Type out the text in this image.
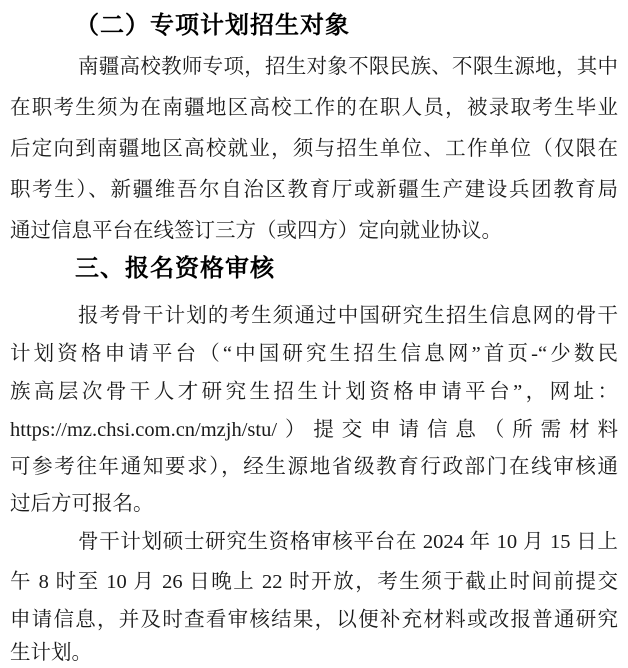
（二）专项计划招生对象
南疆高校教师专项，招生对象不限民族、不限生源地，其中
在职考生须为在南疆地区高校工作的在职人员，被录取考生毕业
后定向到南疆地区高校就业，须与招生单位、工作单位（仅限在
职考生）、新疆维吾尔自治区教育厅或新疆生产建设兵团教育局
通过信息平台在线签订三方（或四方）定向就业协议。
三、报名资格审核
报考骨干计划的考生须通过中国研究生招生信息网的骨干
计划资格申请平台（“中国研究生招生信息网”首页-“少数民
族高层次骨干人才研究生招生计划资格申请平台”，网址：
https://mz.chsi.com.cn/mzjh/stu/）提交申请信息（所需材料
可参考往年通知要求），经生源地省级教育行政部门在线审核通
过后方可报名。
骨干计划硕士研究生资格审核平台在 2024 年 10 月 15 日上
午 8 时至 10 月 26 日晚上 22 时开放，考生须于截止时间前提交
申请信息，并及时查看审核结果，以便补充材料或改报普通研究
生计划。
